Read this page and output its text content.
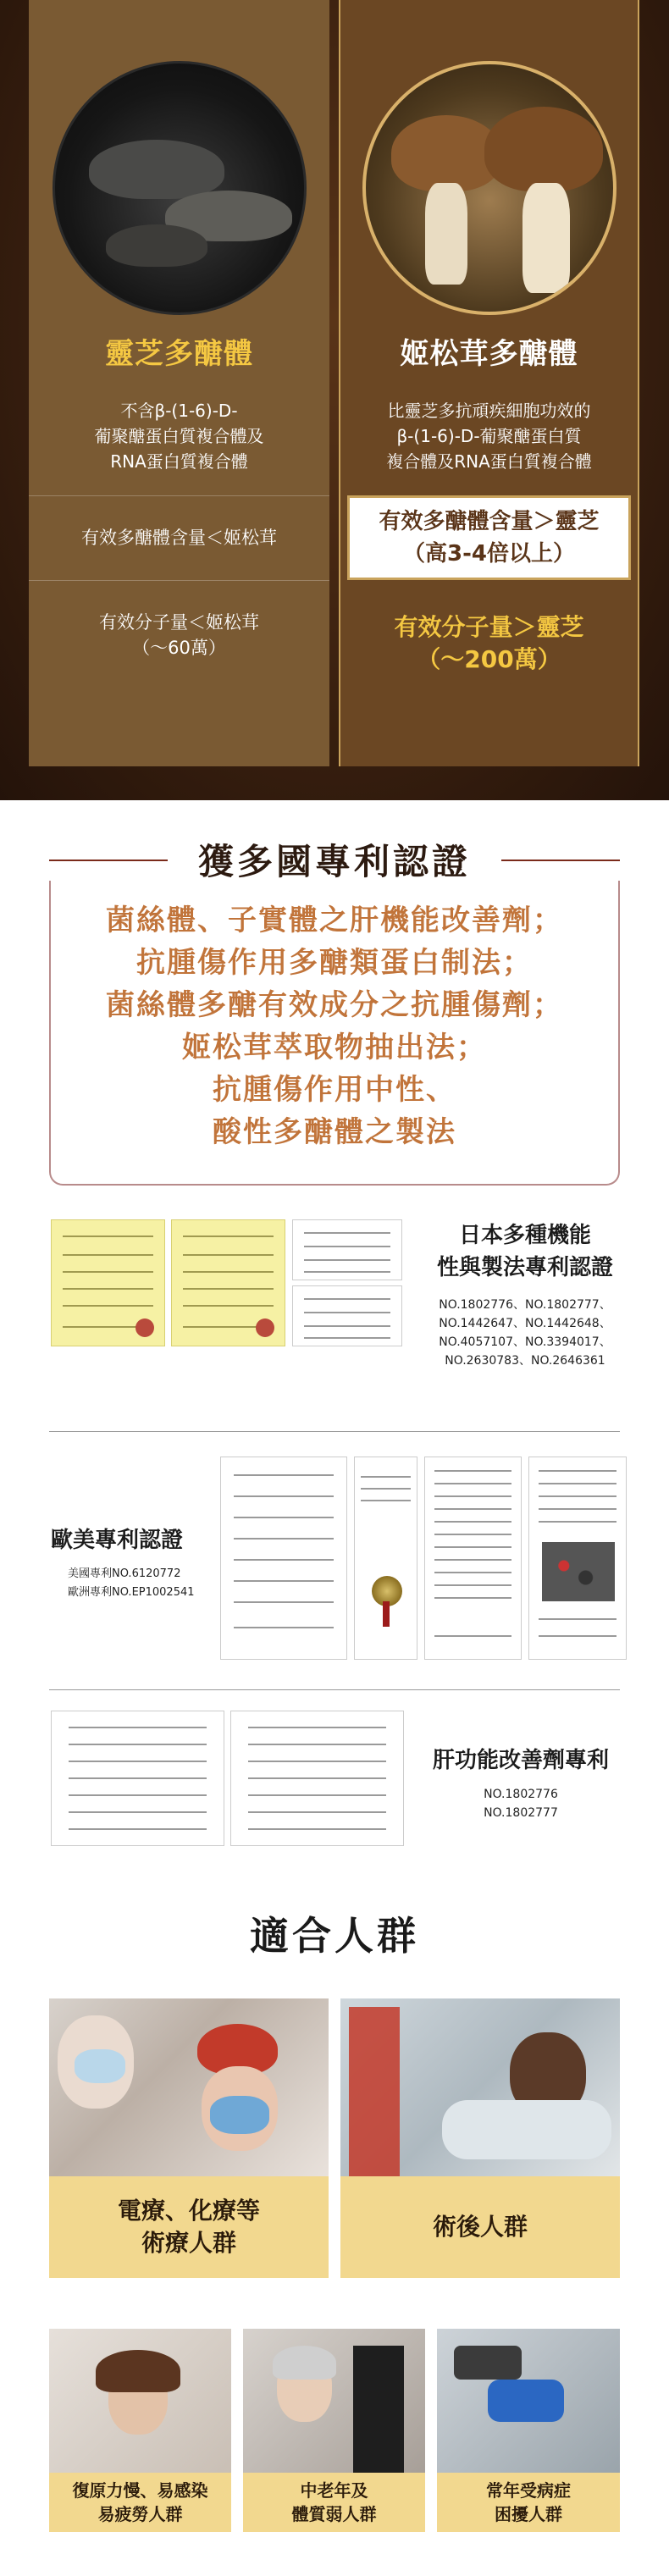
靈芝多醣體
不含β-(1-6)-D-
葡聚醣蛋白質複合體及
RNA蛋白質複合體
有效多醣體含量＜姬松茸
有效分子量＜姬松茸
（～60萬）
姬松茸多醣體
比靈芝多抗頑疾細胞功效的
β-(1-6)-D-葡聚醣蛋白質
複合體及RNA蛋白質複合體
有效多醣體含量＞靈芝
（高3-4倍以上）
有效分子量＞靈芝
（～200萬）
獲多國專利認證
菌絲體、子實體之肝機能改善劑；
抗腫傷作用多醣類蛋白制法；
菌絲體多醣有效成分之抗腫傷劑；
姬松茸萃取物抽出法；
抗腫傷作用中性、
酸性多醣體之製法
日本多種機能
性與製法專利認證
NO.1802776、NO.1802777、
NO.1442647、NO.1442648、
NO.4057107、NO.3394017、
NO.2630783、NO.2646361
歐美專利認證
美國專利NO.6120772
歐洲專利NO.EP1002541
肝功能改善劑專利
NO.1802776
NO.1802777
適合人群
電療、化療等
術療人群
術後人群
復原力慢、易感染
易疲勞人群
中老年及
體質弱人群
常年受病症
困擾人群
